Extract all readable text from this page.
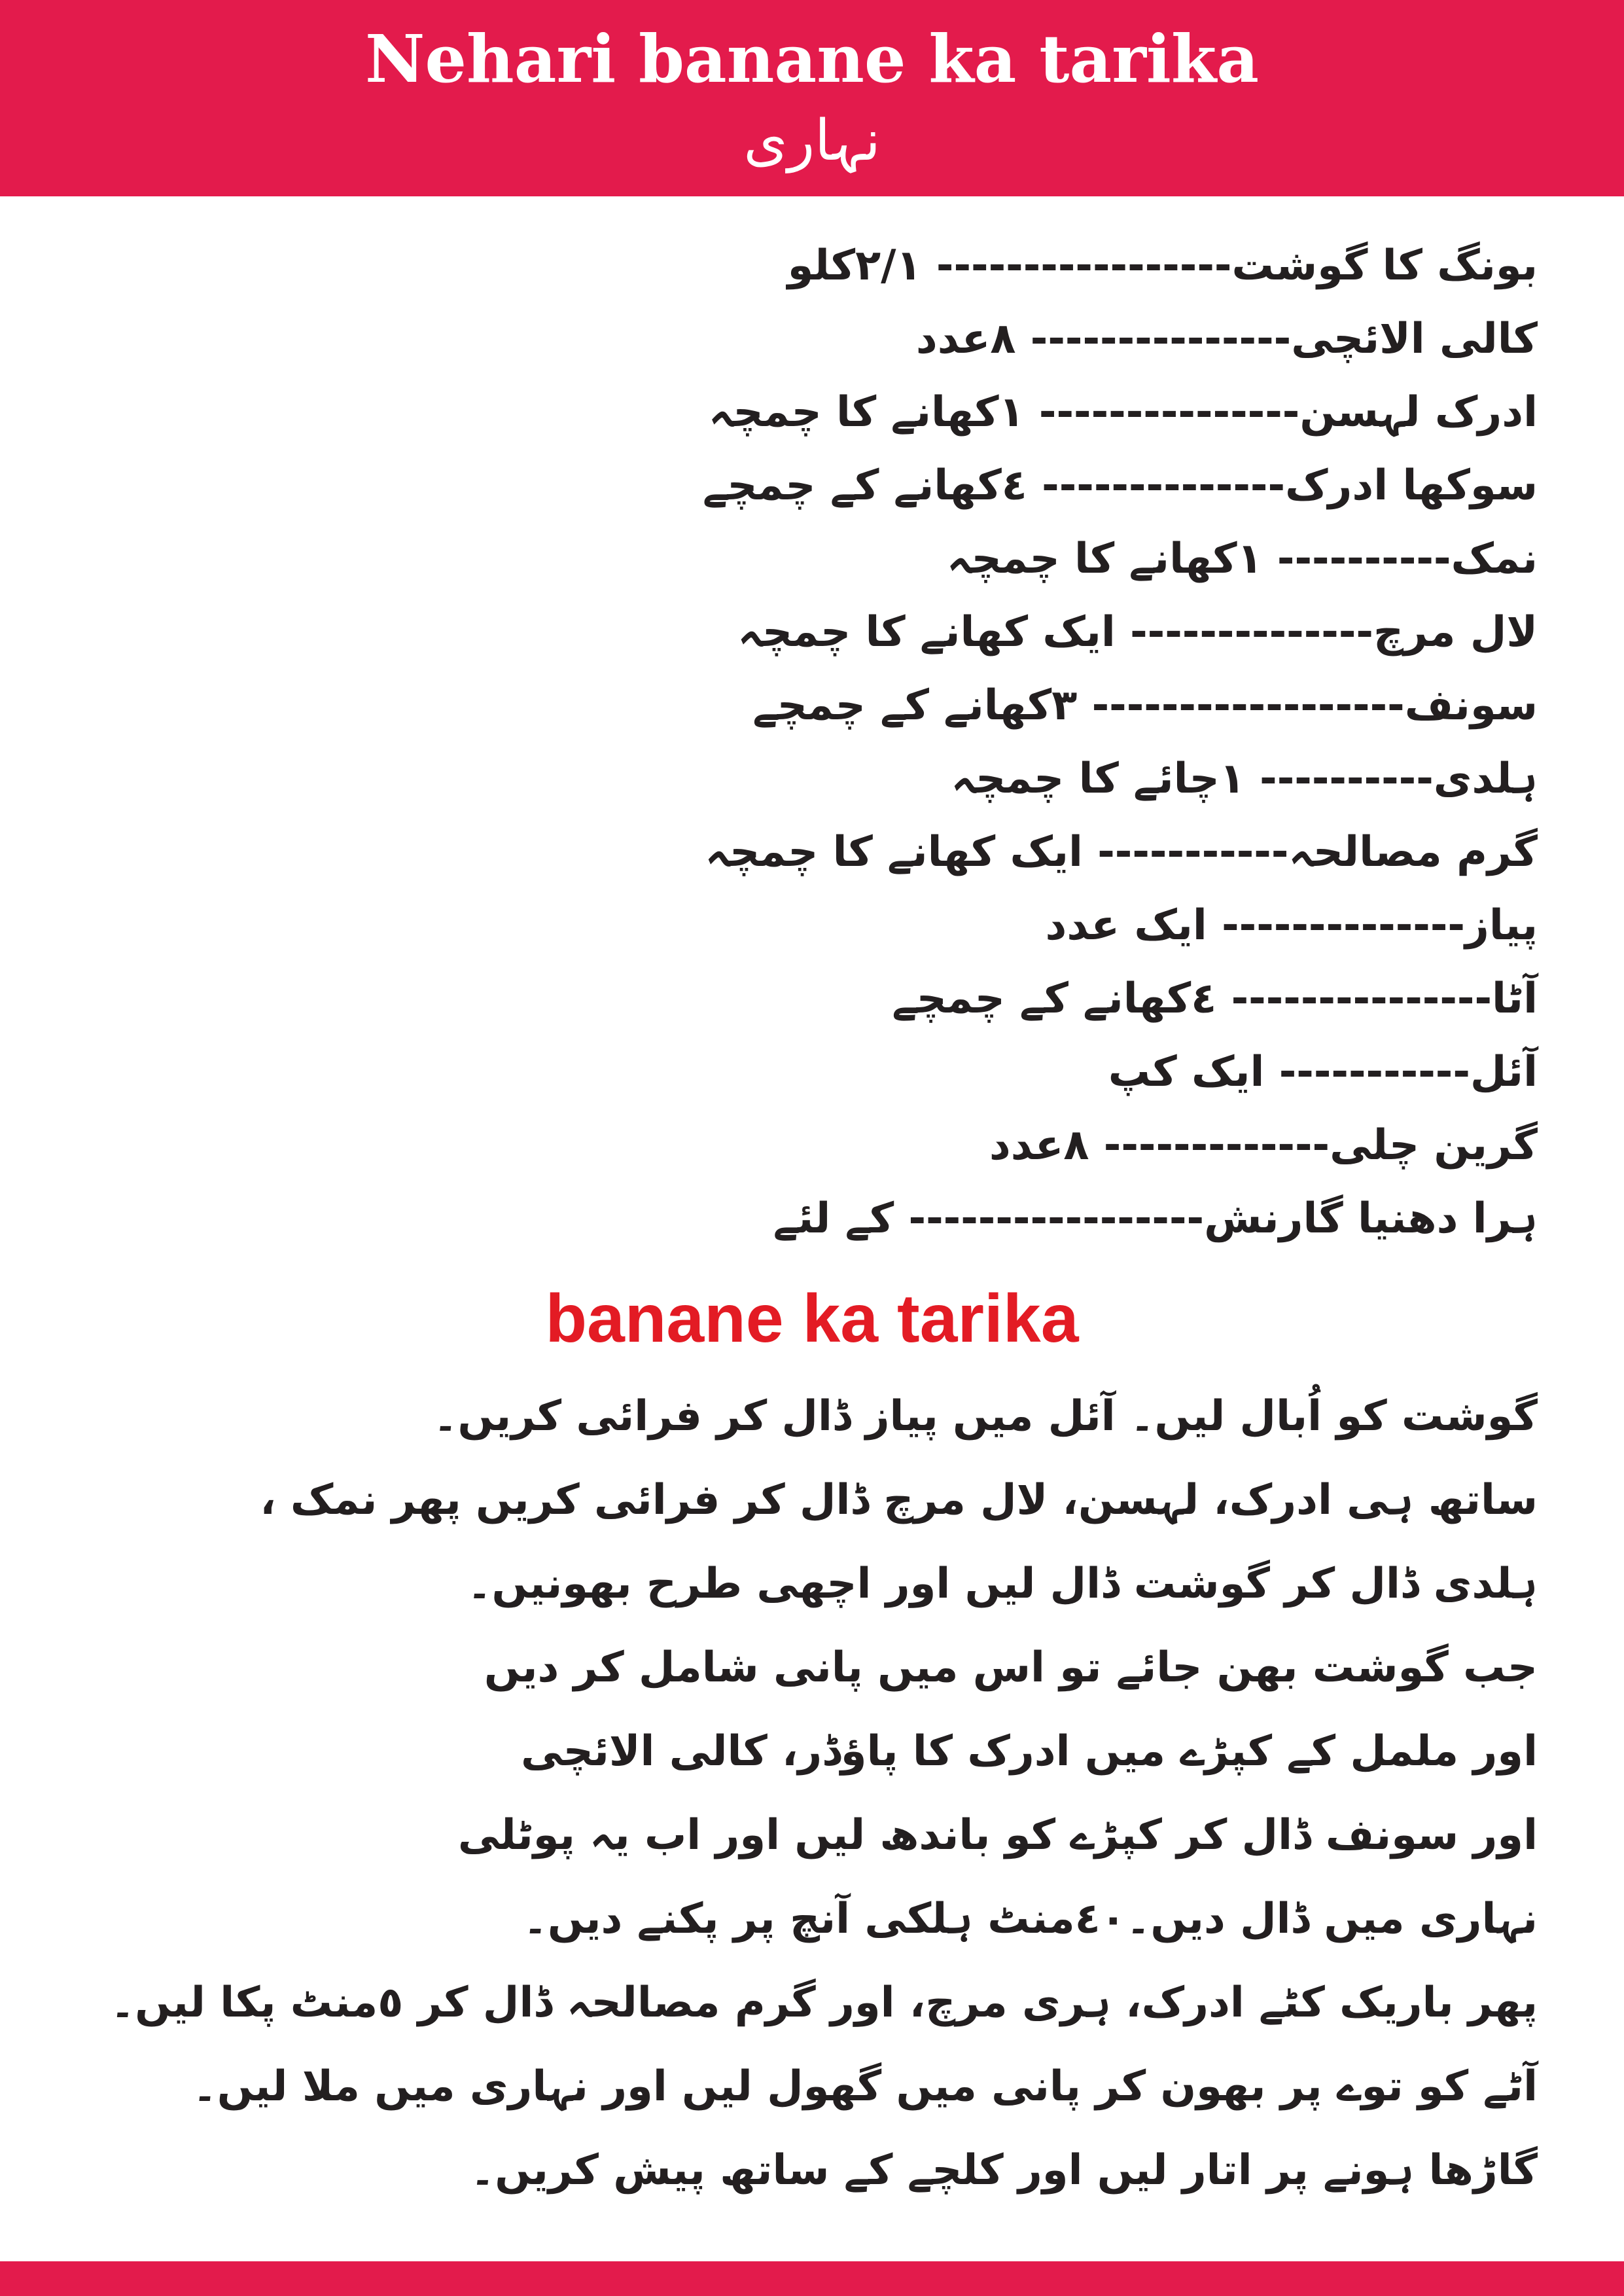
Nehari banane ka tarika
نہاری
بونگ کا گوشت----------------- ۲/۱کلو
کالی الائچی--------------- ۸عدد
ادرک لہسن--------------- ۱کھانے کا چمچہ
سوکھا ادرک-------------- ٤کھانے کے چمچے
نمک---------- ۱کھانے کا چمچہ
لال مرچ-------------- ایک کھانے کا چمچہ
سونف------------------ ۳کھانے کے چمچے
ہلدی---------- ۱چائے کا چمچہ
گرم مصالحہ----------- ایک کھانے کا چمچہ
پیاز-------------- ایک عدد
آٹا--------------- ٤کھانے کے چمچے
آئل----------- ایک کپ
گرین چلی------------- ۸عدد
ہرا دھنیا گارنش----------------- کے لئے
banane ka tarika
گوشت کو اُبال لیں۔ آئل میں پیاز ڈال کر فرائی کریں۔
ساتھ ہی ادرک، لہسن، لال مرچ ڈال کر فرائی کریں پھر نمک ،
ہلدی ڈال کر گوشت ڈال لیں اور اچھی طرح بھونیں۔
جب گوشت بھن جائے تو اس میں پانی شامل کر دیں
اور ململ کے کپڑے میں ادرک کا پاؤڈر، کالی الائچی
اور سونف ڈال کر کپڑے کو باندھ لیں اور اب یہ پوٹلی
نہاری میں ڈال دیں۔٤٠منٹ ہلکی آنچ پر پکنے دیں۔
پھر باریک کٹے ادرک، ہری مرچ، اور گرم مصالحہ ڈال کر ٥منٹ پکا لیں۔
آٹے کو توے پر بھون کر پانی میں گھول لیں اور نہاری میں ملا لیں۔
گاڑھا ہونے پر اتار لیں اور کلچے کے ساتھ پیش کریں۔
